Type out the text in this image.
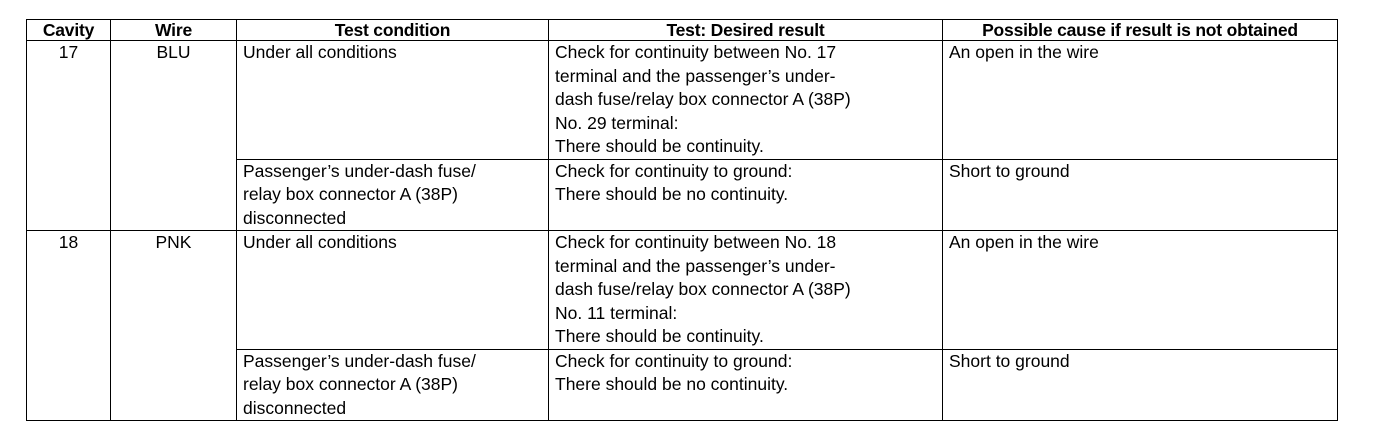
Cavity	Wire	Test condition	Test: Desired result	Possible cause if result is not obtained
17	BLU	Under all conditions	Check for continuity between No. 17
terminal and the passenger’s under-
dash fuse/relay box connector A (38P)
No. 29 terminal:
There should be continuity.	An open in the wire
		Passenger’s under-dash fuse/
relay box connector A (38P)
disconnected	Check for continuity to ground:
There should be no continuity.	Short to ground
18	PNK	Under all conditions	Check for continuity between No. 18
terminal and the passenger’s under-
dash fuse/relay box connector A (38P)
No. 11 terminal:
There should be continuity.	An open in the wire
		Passenger’s under-dash fuse/
relay box connector A (38P)
disconnected	Check for continuity to ground:
There should be no continuity.	Short to ground
